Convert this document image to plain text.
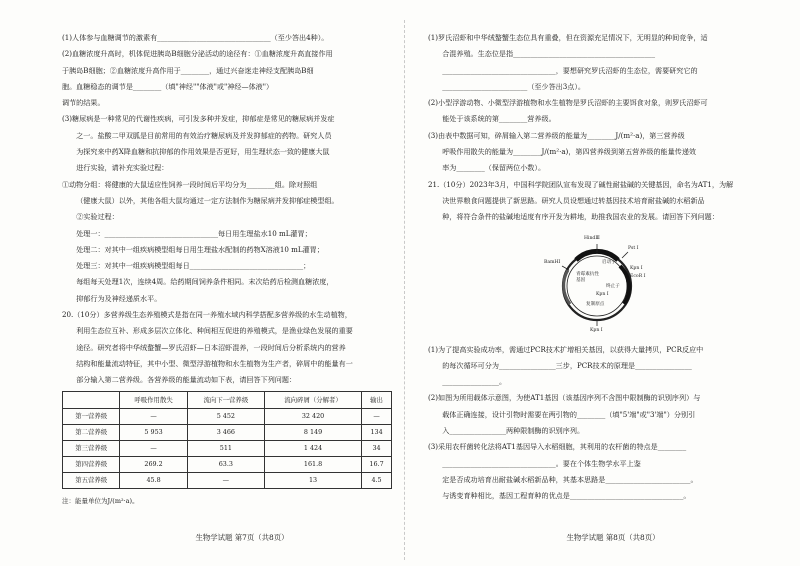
(1)人体参与血糖调节的激素有________________________________（至少答出4种）。

(2)血糖浓度升高时，机体促进胰岛B细胞分泌活动的途径有：①血糖浓度升高直接作用

于胰岛B细胞；②血糖浓度升高作用于________，通过兴奋迷走神经支配胰岛B细

胞。血糖稳态的调节是________（填"神经""体液"或"神经—体液"）

调节的结果。

(3)糖尿病是一种常见的代谢性疾病，可引发多种并发症，抑郁症是常见的糖尿病并发症

之一。盐酸二甲双胍是目前常用的有效治疗糖尿病及并发抑郁症的药物。研究人员

为探究来中药X降血糖和抗抑郁的作用效果是否更好，用生理状态一致的健康大鼠

进行实验，请补充实验过程：

①动物分组：将健康的大鼠适应性饲养一段时间后平均分为________组。除对照组

（健康大鼠）以外，其他各组大鼠均通过一定方法制作为糖尿病并发抑郁症模型组。

②实验过程：

处理一：________________________________每日用生理盐水10 mL灌胃；

处理二：对其中一组疾病模型组每日用生理盐水配制的药物X溶液10 mL灌胃；

处理三：对其中一组疾病模型组每日________________________________；

每组每天处理1次，连续4周。给药期间饲养条件相同。末次给药后检测血糖浓度，

抑郁行为及神经递质水平。

20.（10分）多营养级生态养殖模式是指在同一养殖水域内科学搭配多营养级的水生动植物，

利用生态位互补、形成多层次立体化、种间相互促进的养殖模式，是渔业绿色发展的重要

途径。研究者将中华绒螯蟹—罗氏沼虾—日本沼虾混养，一段时间后分析系统内的营养

结构和能量流动特征，其中小型、微型浮游植物和水生植物为生产者，碎屑中的能量有一

部分输入第二营养级。各营养级的能量流动如下表，请回答下列问题：

	呼吸作用散失	流向下一营养级	流向碎屑（分解者）	输出
第一营养级	—	5 452	32 420	—
第二营养级	5 953	3 466	8 149	134
第三营养级	—	511	1 424	34
第四营养级	269.2	63.3	161.8	16.7
第五营养级	45.8	—	13	4.5

注：能量单位为J/(m²·a)。

生物学试题 第7页（共8页）

(1)罗氏沼虾和中华绒螯蟹生态位具有重叠，但在资源充足情况下，无明显的种间竞争，适

合混养殖。生态位是指________________________________________

________________________________，要想研究罗氏沼虾的生态位，需要研究它的

________________________（至少答出3点）。

(2)小型浮游动物、小微型浮游植物和水生植物是罗氏沼虾的主要饵食对象，则罗氏沼虾可

能处于该系统的第________营养级。

(3)由表中数据可知，碎屑输入第二营养级的能量为________J/(m²·a)，第三营养级

呼吸作用散失的能量为________J/(m²·a)，第四营养级到第五营养级的能量传递效

率为________（保留两位小数）。

21.（10分）2023年3月，中国科学院团队宣布发现了碱性耐盐碱的关键基因，命名为AT1，为解

决世界粮食问题提供了新思路。研究人员设想通过转基因技术培育耐盐碱的水稻新品

种，将符合条件的盐碱地适度有序开发为耕地，助推我国农业的发展。请回答下列问题：

HindⅢ
Pst Ⅰ
启动子
BamHⅠ
Kpn Ⅰ
EcoR Ⅰ
青霉素抗性基因
终止子
Kpn Ⅰ
复制原点
Kpn Ⅰ

(1)为了提高实验成功率，需通过PCR技术扩增相关基因，以获得大量拷贝，PCR反应中

的每次循环可分为________________三步，PCR技术的原理是________________

________________。

(2)如图为所用载体示意图，为使AT1基因（该基因序列不含图中限制酶的识别序列）与

载体正确连接，设计引物时需要在两引物的________（填"5'端"或"3'端"）分别引

入________________两种限制酶的识别序列。

(3)采用农杆菌转化法将AT1基因导入水稻细胞，其利用的农杆菌的特点是________

________________________________。要在个体生物学水平上鉴

定是否成功培育出耐盐碱水稻新品种，其基本思路是________________________。

与诱变育种相比，基因工程育种的优点是________________________________。

生物学试题 第8页（共8页）
